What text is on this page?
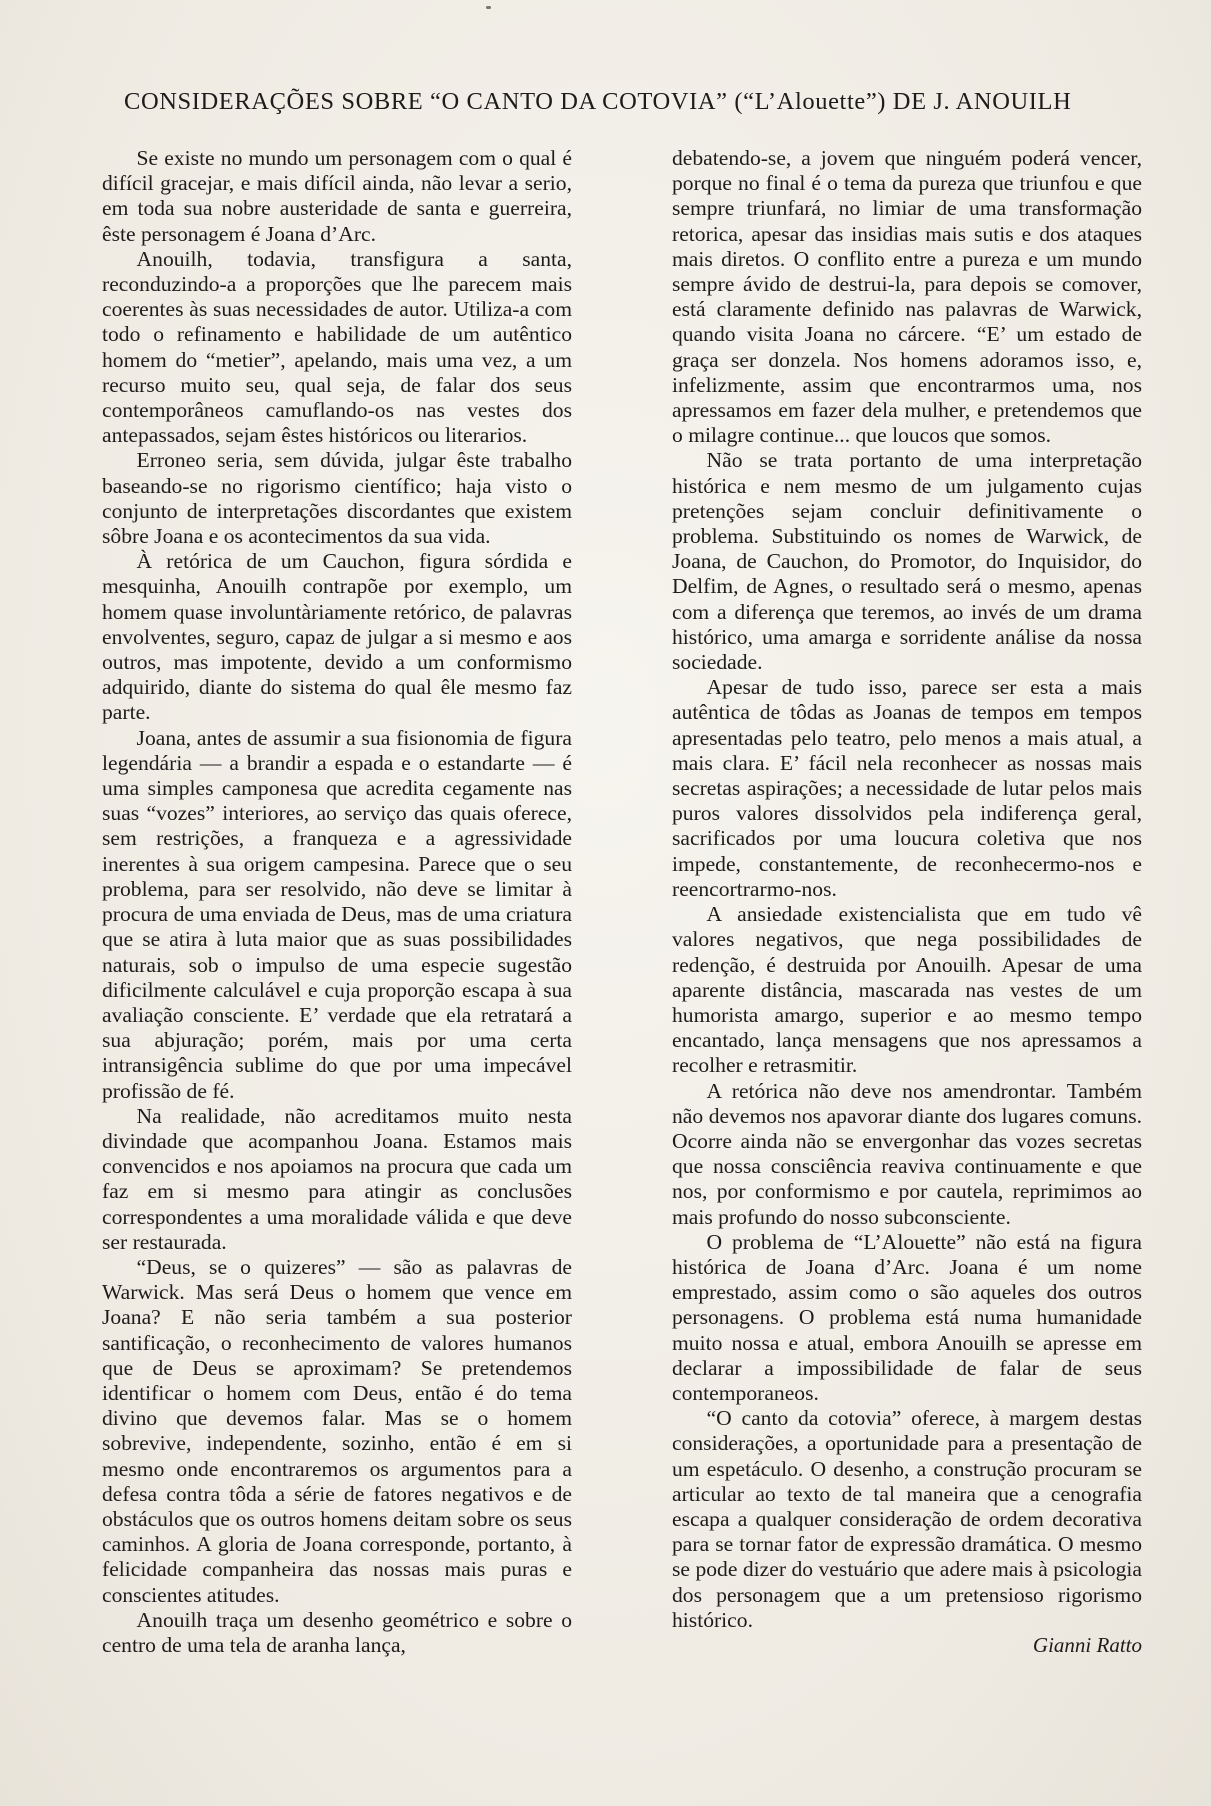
CONSIDERAÇÕES SOBRE “O CANTO DA COTOVIA” (“L’Alouette”) DE J. ANOUILH

Se existe no mundo um personagem com o qual é difícil gracejar, e mais difícil ainda, não levar a serio, em toda sua nobre austeridade de santa e guerreira, êste personagem é Joana d’Arc.

Anouilh, todavia, transfigura a santa, reconduzindo-a a proporções que lhe parecem mais coerentes às suas necessidades de autor. Utiliza-a com todo o refinamento e habilidade de um autêntico homem do “metier”, apelando, mais uma vez, a um recurso muito seu, qual seja, de falar dos seus contemporâneos camuflando-os nas vestes dos antepassados, sejam êstes históricos ou literarios.

Erroneo seria, sem dúvida, julgar êste trabalho baseando-se no rigorismo científico; haja visto o conjunto de interpretações discordantes que existem sôbre Joana e os acontecimentos da sua vida.

À retórica de um Cauchon, figura sórdida e mesquinha, Anouilh contrapõe por exemplo, um homem quase involuntàriamente retórico, de palavras envolventes, seguro, capaz de julgar a si mesmo e aos outros, mas impotente, devido a um conformismo adquirido, diante do sistema do qual êle mesmo faz parte.

Joana, antes de assumir a sua fisionomia de figura legendária — a brandir a espada e o estandarte — é uma simples camponesa que acredita cegamente nas suas “vozes” interiores, ao serviço das quais oferece, sem restrições, a franqueza e a agressividade inerentes à sua origem campesina. Parece que o seu problema, para ser resolvido, não deve se limitar à procura de uma enviada de Deus, mas de uma criatura que se atira à luta maior que as suas possibilidades naturais, sob o impulso de uma especie sugestão dificilmente calculável e cuja proporção escapa à sua avaliação consciente. E’ verdade que ela retratará a sua abjuração; porém, mais por uma certa intransigência sublime do que por uma impecável profissão de fé.

Na realidade, não acreditamos muito nesta divindade que acompanhou Joana. Estamos mais convencidos e nos apoiamos na procura que cada um faz em si mesmo para atingir as conclusões correspondentes a uma moralidade válida e que deve ser restaurada.

“Deus, se o quizeres” — são as palavras de Warwick. Mas será Deus o homem que vence em Joana? E não seria também a sua posterior santificação, o reconhecimento de valores humanos que de Deus se aproximam? Se pretendemos identificar o homem com Deus, então é do tema divino que devemos falar. Mas se o homem sobrevive, independente, sozinho, então é em si mesmo onde encontraremos os argumentos para a defesa contra tôda a série de fatores negativos e de obstáculos que os outros homens deitam sobre os seus caminhos. A gloria de Joana corresponde, portanto, à felicidade companheira das nossas mais puras e conscientes atitudes.

Anouilh traça um desenho geométrico e sobre o centro de uma tela de aranha lança,

debatendo-se, a jovem que ninguém poderá vencer, porque no final é o tema da pureza que triunfou e que sempre triunfará, no limiar de uma transformação retorica, apesar das insidias mais sutis e dos ataques mais diretos. O conflito entre a pureza e um mundo sempre ávido de destrui-la, para depois se comover, está claramente definido nas palavras de Warwick, quando visita Joana no cárcere. “E’ um estado de graça ser donzela. Nos homens adoramos isso, e, infelizmente, assim que encontrarmos uma, nos apressamos em fazer dela mulher, e pretendemos que o milagre continue... que loucos que somos.

Não se trata portanto de uma interpretação histórica e nem mesmo de um julgamento cujas pretenções sejam concluir definitivamente o problema. Substituindo os nomes de Warwick, de Joana, de Cauchon, do Promotor, do Inquisidor, do Delfim, de Agnes, o resultado será o mesmo, apenas com a diferença que teremos, ao invés de um drama histórico, uma amarga e sorridente análise da nossa sociedade.

Apesar de tudo isso, parece ser esta a mais autêntica de tôdas as Joanas de tempos em tempos apresentadas pelo teatro, pelo menos a mais atual, a mais clara. E’ fácil nela reconhecer as nossas mais secretas aspirações; a necessidade de lutar pelos mais puros valores dissolvidos pela indiferença geral, sacrificados por uma loucura coletiva que nos impede, constantemente, de reconhecermo-nos e reencortrarmo-nos.

A ansiedade existencialista que em tudo vê valores negativos, que nega possibilidades de redenção, é destruida por Anouilh. Apesar de uma aparente distância, mascarada nas vestes de um humorista amargo, superior e ao mesmo tempo encantado, lança mensagens que nos apressamos a recolher e retrasmitir.

A retórica não deve nos amendrontar. Também não devemos nos apavorar diante dos lugares comuns. Ocorre ainda não se envergonhar das vozes secretas que nossa consciência reaviva continuamente e que nos, por conformismo e por cautela, reprimimos ao mais profundo do nosso subconsciente.

O problema de “L’Alouette” não está na figura histórica de Joana d’Arc. Joana é um nome emprestado, assim como o são aqueles dos outros personagens. O problema está numa humanidade muito nossa e atual, embora Anouilh se apresse em declarar a impossibilidade de falar de seus contemporaneos.

“O canto da cotovia” oferece, à margem destas considerações, a oportunidade para a presentação de um espetáculo. O desenho, a construção procuram se articular ao texto de tal maneira que a cenografia escapa a qualquer consideração de ordem decorativa para se tornar fator de expressão dramática. O mesmo se pode dizer do vestuário que adere mais à psicologia dos personagem que a um pretensioso rigorismo histórico.

Gianni Ratto
